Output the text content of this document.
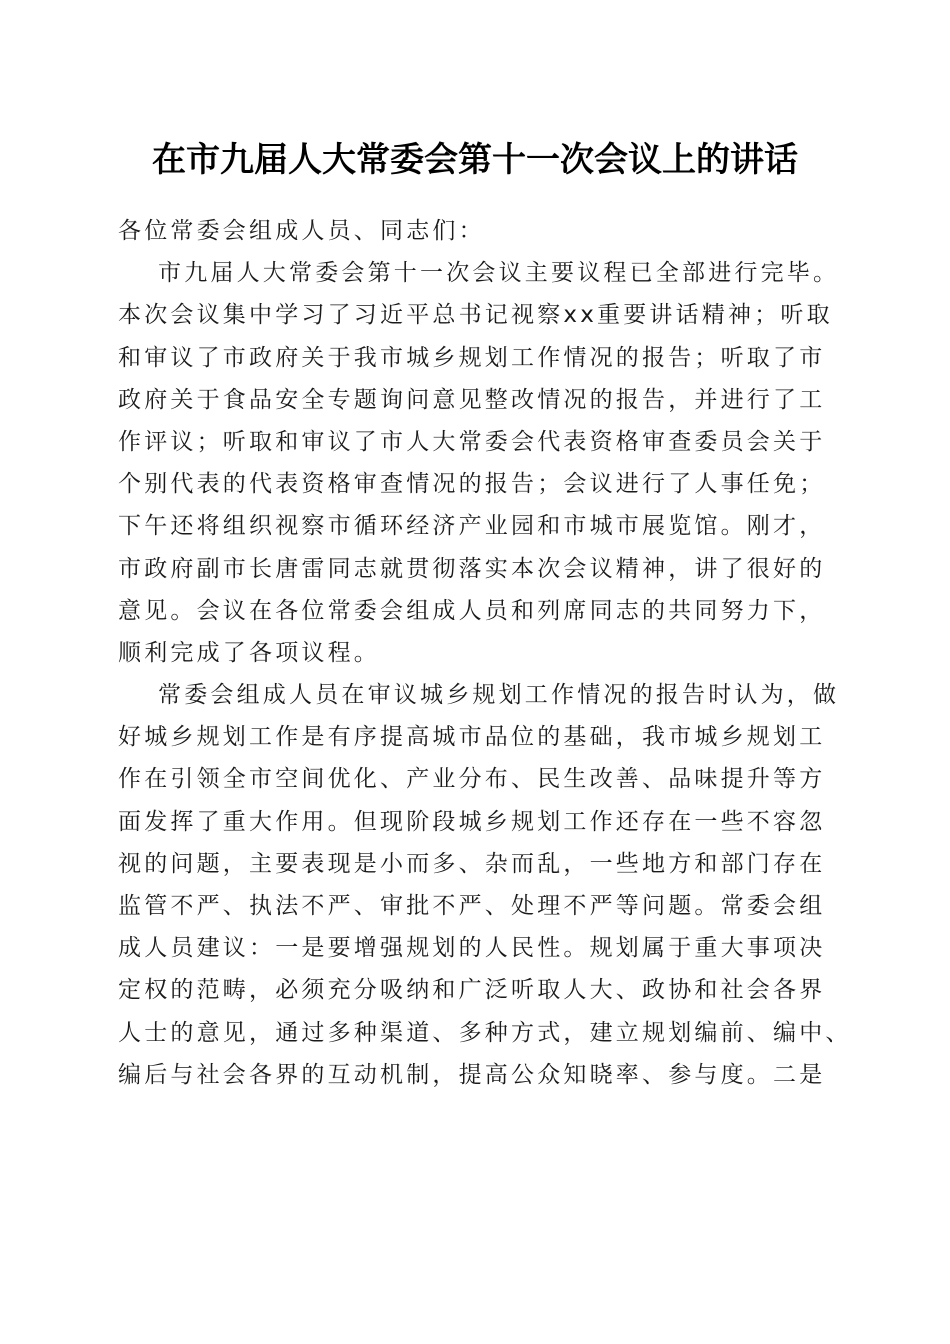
在市九届人大常委会第十一次会议上的讲话
各位常委会组成人员、同志们：
市九届人大常委会第十一次会议主要议程已全部进行完毕。
本次会议集中学习了习近平总书记视察xx重要讲话精神；听取
和审议了市政府关于我市城乡规划工作情况的报告；听取了市
政府关于食品安全专题询问意见整改情况的报告，并进行了工
作评议；听取和审议了市人大常委会代表资格审查委员会关于
个别代表的代表资格审查情况的报告；会议进行了人事任免；
下午还将组织视察市循环经济产业园和市城市展览馆。刚才，
市政府副市长唐雷同志就贯彻落实本次会议精神，讲了很好的
意见。会议在各位常委会组成人员和列席同志的共同努力下，
顺利完成了各项议程。
常委会组成人员在审议城乡规划工作情况的报告时认为，做
好城乡规划工作是有序提高城市品位的基础，我市城乡规划工
作在引领全市空间优化、产业分布、民生改善、品味提升等方
面发挥了重大作用。但现阶段城乡规划工作还存在一些不容忽
视的问题，主要表现是小而多、杂而乱，一些地方和部门存在
监管不严、执法不严、审批不严、处理不严等问题。常委会组
成人员建议：一是要增强规划的人民性。规划属于重大事项决
定权的范畴，必须充分吸纳和广泛听取人大、政协和社会各界
人士的意见，通过多种渠道、多种方式，建立规划编前、编中、
编后与社会各界的互动机制，提高公众知晓率、参与度。二是
